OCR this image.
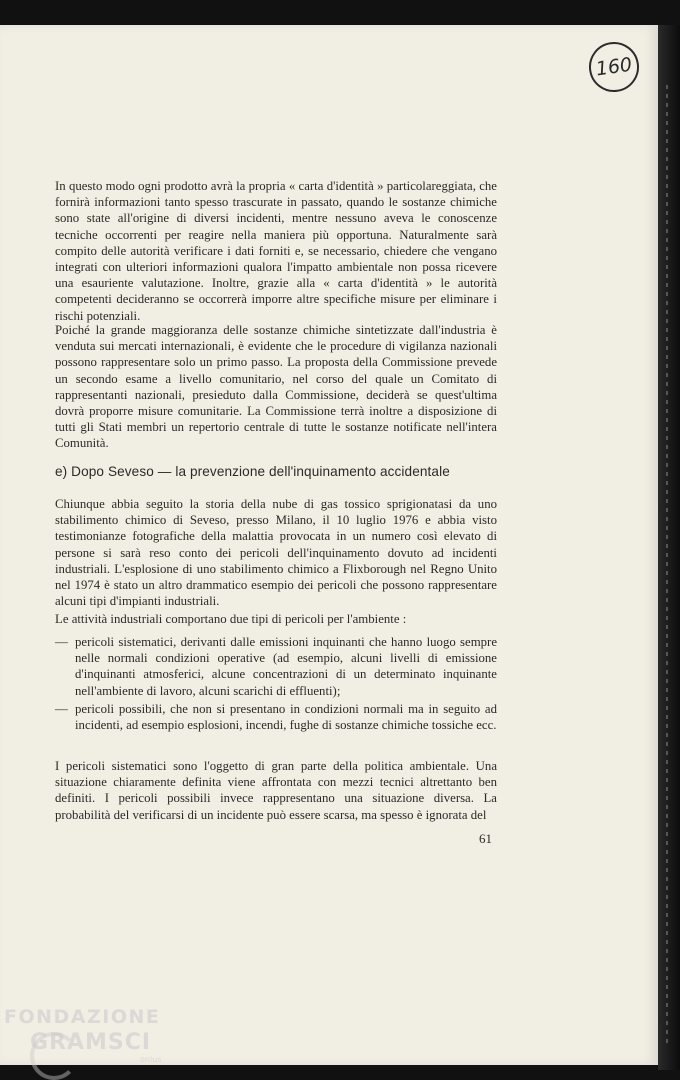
160
In questo modo ogni prodotto avrà la propria « carta d'identità » particolareggiata, che fornirà informazioni tanto spesso trascurate in passato, quando le sostanze chimiche sono state all'origine di diversi incidenti, mentre nessuno aveva le conoscenze tecniche occorrenti per reagire nella maniera più opportuna. Naturalmente sarà compito delle autorità verificare i dati forniti e, se necessario, chiedere che vengano integrati con ulteriori informazioni qualora l'impatto ambientale non possa ricevere una esauriente valutazione. Inoltre, grazie alla « carta d'identità » le autorità competenti decideranno se occorrerà imporre altre specifiche misure per eliminare i rischi potenziali.
Poiché la grande maggioranza delle sostanze chimiche sintetizzate dall'industria è venduta sui mercati internazionali, è evidente che le procedure di vigilanza nazionali possono rappresentare solo un primo passo. La proposta della Commissione prevede un secondo esame a livello comunitario, nel corso del quale un Comitato di rappresentanti nazionali, presieduto dalla Commissione, deciderà se quest'ultima dovrà proporre misure comunitarie. La Commissione terrà inoltre a disposizione di tutti gli Stati membri un repertorio centrale di tutte le sostanze notificate nell'intera Comunità.
e) Dopo Seveso — la prevenzione dell'inquinamento accidentale
Chiunque abbia seguito la storia della nube di gas tossico sprigionatasi da uno stabilimento chimico di Seveso, presso Milano, il 10 luglio 1976 e abbia visto testimonianze fotografiche della malattia provocata in un numero così elevato di persone si sarà reso conto dei pericoli dell'inquinamento dovuto ad incidenti industriali. L'esplosione di uno stabilimento chimico a Flixborough nel Regno Unito nel 1974 è stato un altro drammatico esempio dei pericoli che possono rappresentare alcuni tipi d'impianti industriali.
Le attività industriali comportano due tipi di pericoli per l'ambiente :
— pericoli sistematici, derivanti dalle emissioni inquinanti che hanno luogo sempre nelle normali condizioni operative (ad esempio, alcuni livelli di emissione d'inquinanti atmosferici, alcune concentrazioni di un determinato inquinante nell'ambiente di lavoro, alcuni scarichi di effluenti);
— pericoli possibili, che non si presentano in condizioni normali ma in seguito ad incidenti, ad esempio esplosioni, incendi, fughe di sostanze chimiche tossiche ecc.
I pericoli sistematici sono l'oggetto di gran parte della politica ambientale. Una situazione chiaramente definita viene affrontata con mezzi tecnici altrettanto ben definiti. I pericoli possibili invece rappresentano una situazione diversa. La probabilità del verificarsi di un incidente può essere scarsa, ma spesso è ignorata del
61
FONDAZIONE
GRAMSCI
onlus
